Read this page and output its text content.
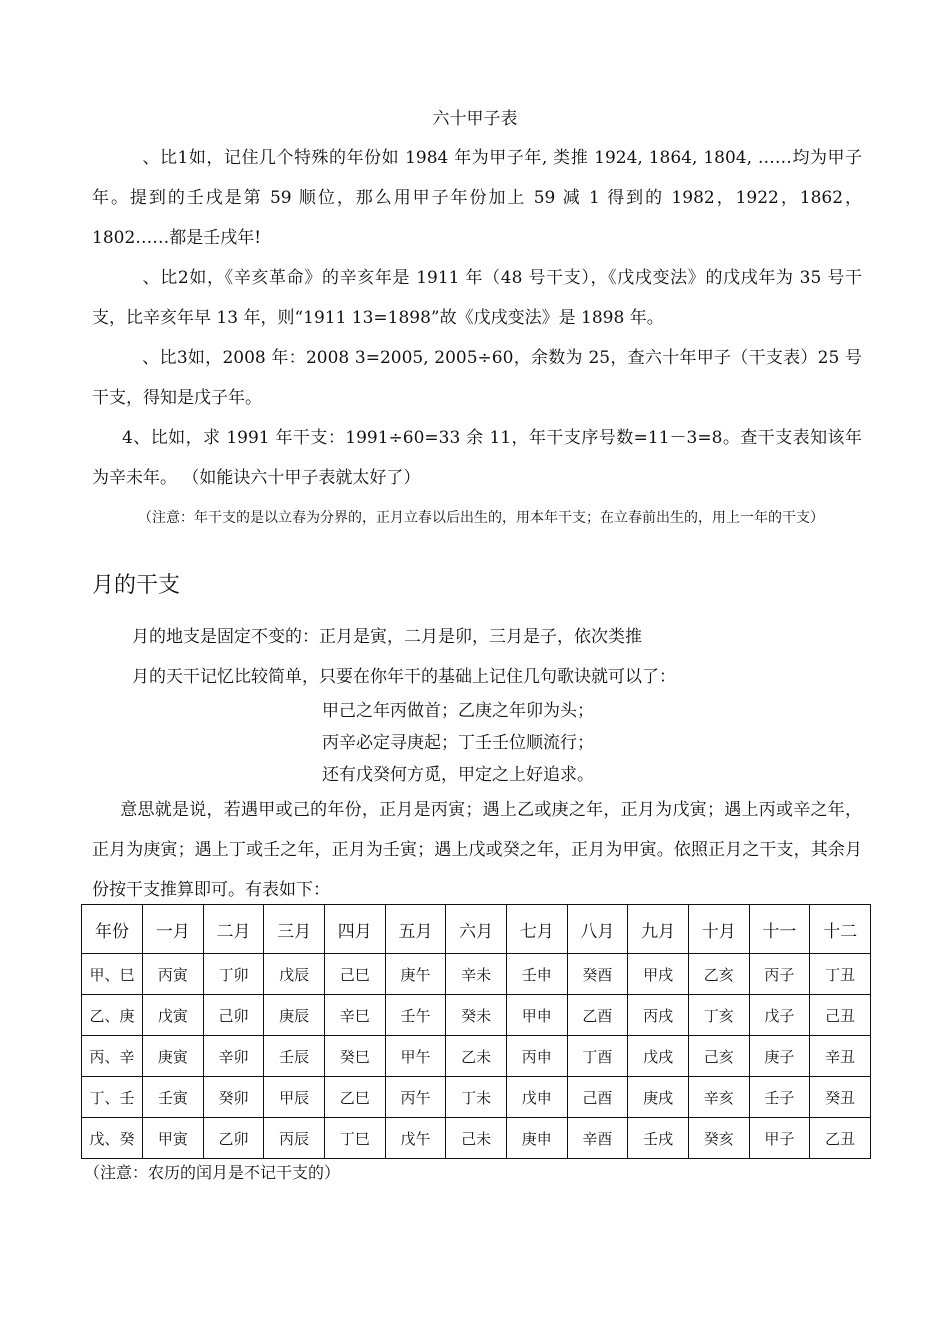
六十甲子表
、比1如，记住几个特殊的年份如 1984 年为甲子年, 类推 1924, 1864, 1804, ……均为甲子年。提到的壬戌是第 59 顺位，那么用甲子年份加上 59 减 1 得到的 1982，1922，1862，1802……都是壬戌年!
、比2如，《辛亥革命》的辛亥年是 1911 年（48 号干支），《戊戌变法》的戊戌年为 35 号干支，比辛亥年早 13 年，则“1911 13=1898”故《戊戌变法》是 1898 年。
、比3如，2008 年：2008 3=2005, 2005÷60，余数为 25，查六十年甲子（干支表）25 号干支，得知是戊子年。
4、比如，求 1991 年干支：1991÷60=33 余 11，年干支序号数=11－3=8。查干支表知该年为辛未年。 （如能诀六十甲子表就太好了）
（注意：年干支的是以立春为分界的，正月立春以后出生的，用本年干支；在立春前出生的，用上一年的干支）
月的干支
月的地支是固定不变的：正月是寅，二月是卯，三月是子，依次类推
月的天干记忆比较简单，只要在你年干的基础上记住几句歌诀就可以了：
甲己之年丙做首；乙庚之年卯为头；
丙辛必定寻庚起；丁壬壬位顺流行；
还有戊癸何方觅，甲定之上好追求。
意思就是说，若遇甲或己的年份，正月是丙寅；遇上乙或庚之年，正月为戊寅；遇上丙或辛之年，正月为庚寅；遇上丁或壬之年，正月为壬寅；遇上戊或癸之年，正月为甲寅。依照正月之干支，其余月份按干支推算即可。有表如下：
年份	一月	二月	三月	四月	五月	六月	七月	八月	九月	十月	十一	十二
甲、巳	丙寅	丁卯	戊辰	己巳	庚午	辛未	壬申	癸酉	甲戌	乙亥	丙子	丁丑
乙、庚	戊寅	己卯	庚辰	辛巳	壬午	癸未	甲申	乙酉	丙戌	丁亥	戊子	己丑
丙、辛	庚寅	辛卯	壬辰	癸巳	甲午	乙未	丙申	丁酉	戊戌	己亥	庚子	辛丑
丁、壬	壬寅	癸卯	甲辰	乙巳	丙午	丁未	戊申	己酉	庚戌	辛亥	壬子	癸丑
戊、癸	甲寅	乙卯	丙辰	丁巳	戊午	己未	庚申	辛酉	壬戌	癸亥	甲子	乙丑
（注意：农历的闰月是不记干支的）
